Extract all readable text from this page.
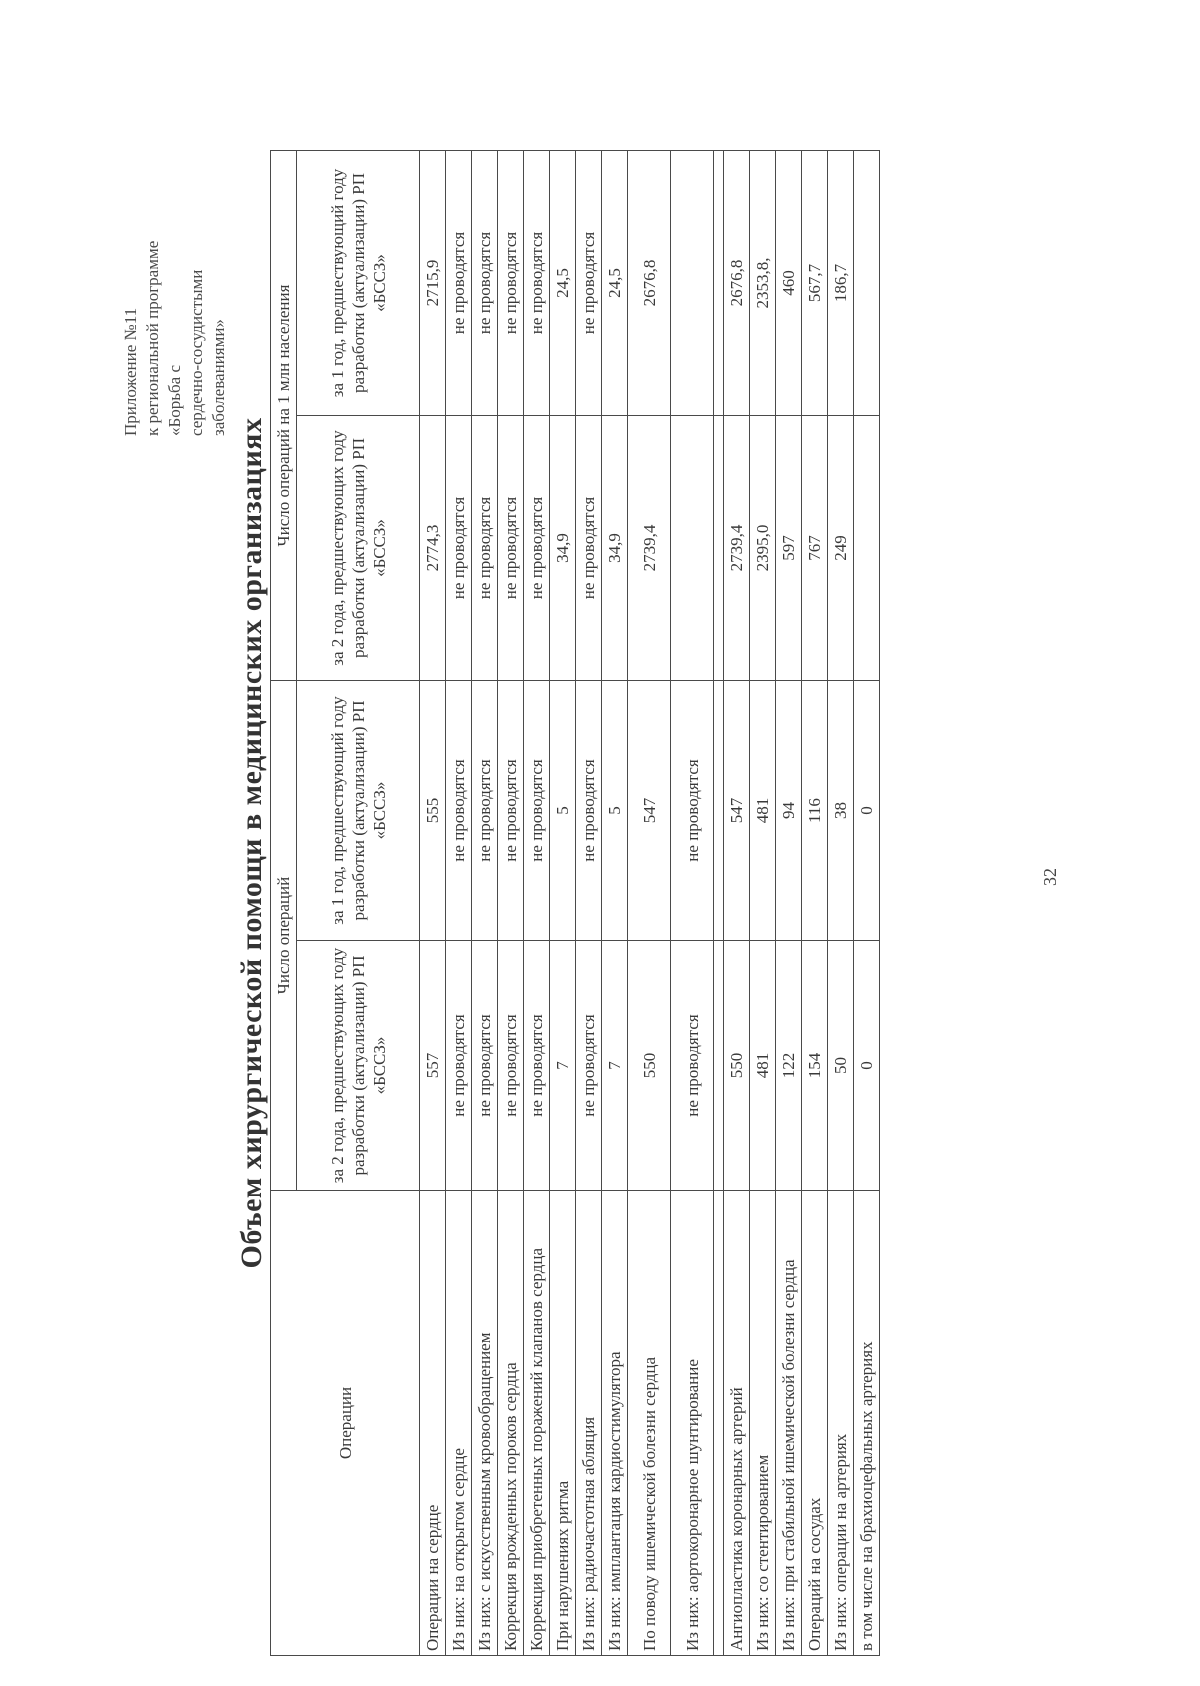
Приложение №11 к региональной программе «Борьба с сердечно-сосудистыми заболеваниями»
Объем хирургической помощи в медицинских организациях
Операции	Число операций		Число операций на 1 млн населения	
	за 2 года, предшествующих году разработки (актуализации) РП «БССЗ»	за 1 год, предшествующий году разработки (актуализации) РП «БССЗ»	за 2 года, предшествующих году разработки (актуализации) РП «БССЗ»	за 1 год, предшествующий году разработки (актуализации) РП «БССЗ»
Операции на сердце	557	555	2774,3	2715,9
Из них: на открытом сердце	не проводятся	не проводятся	не проводятся	не проводятся
Из них: с искусственным кровообращением	не проводятся	не проводятся	не проводятся	не проводятся
Коррекция врожденных пороков сердца	не проводятся	не проводятся	не проводятся	не проводятся
Коррекция приобретенных поражений клапанов сердца	не проводятся	не проводятся	не проводятся	не проводятся
При нарушениях ритма	7	5	34,9	24,5
Из них: радиочастотная абляция	не проводятся	не проводятся	не проводятся	не проводятся
Из них: имплантация кардиостимулятора	7	5	34,9	24,5
По поводу ишемической болезни сердца	550	547	2739,4	2676,8
Из них: аортокоронарное шунтирование	не проводятся	не проводятся		

Ангиопластика коронарных артерий	550	547	2739,4	2676,8
Из них: со стентированием	481	481	2395,0	2353,8,
Из них: при стабильной ишемической болезни сердца	122	94	597	460
Операций на сосудах	154	116	767	567,7
Из них: операции на артериях	50	38	249	186,7
в том числе на брахиоцефальных артериях	0	0		
32
